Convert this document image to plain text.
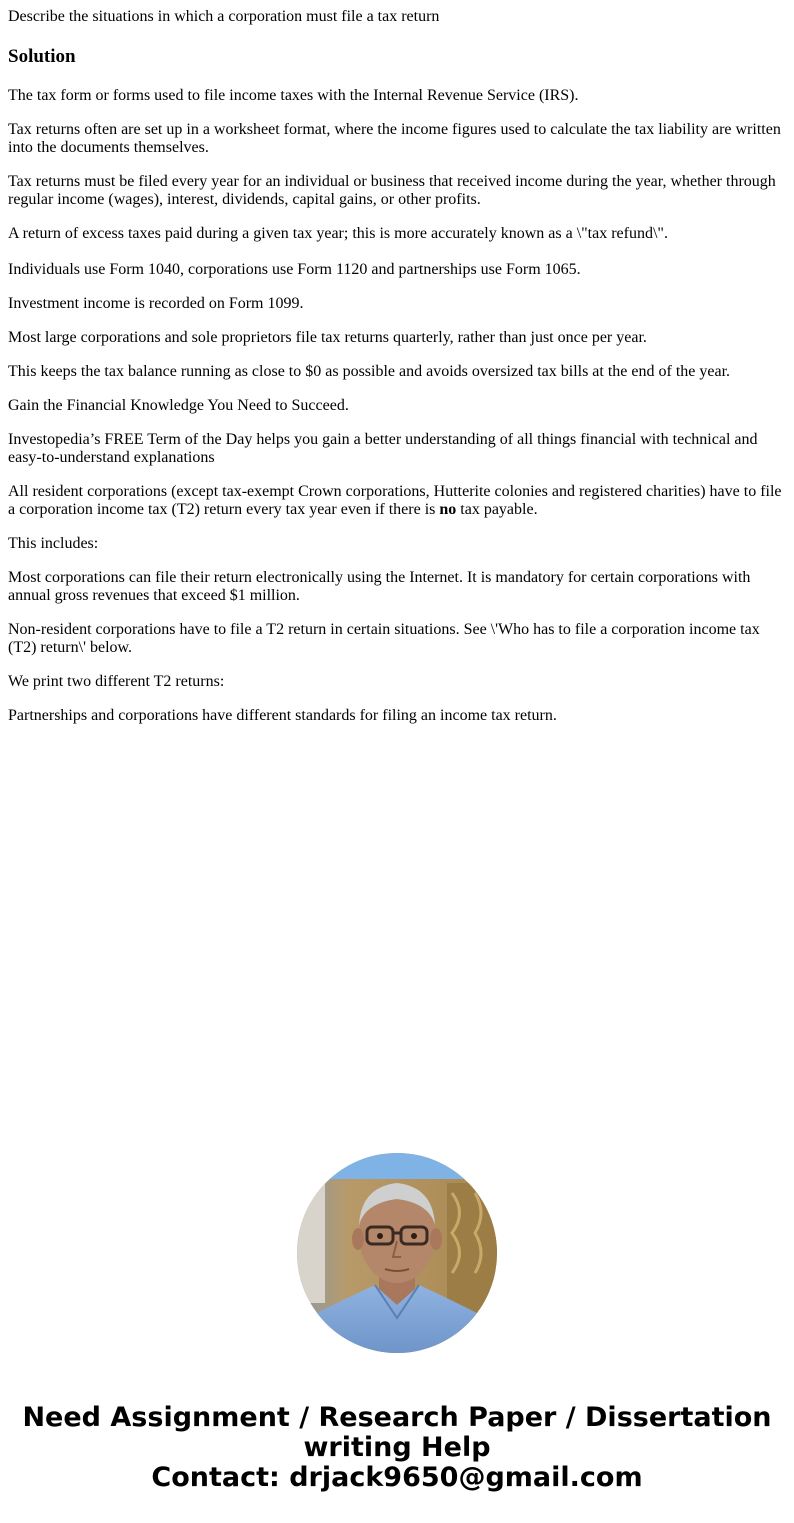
Describe the situations in which a corporation must file a tax return
Solution

The tax form or forms used to file income taxes with the Internal Revenue Service (IRS).

Tax returns often are set up in a worksheet format, where the income figures used to calculate the tax liability are written into the documents themselves.

Tax returns must be filed every year for an individual or business that received income during the year, whether through regular income (wages), interest, dividends, capital gains, or other profits.

A return of excess taxes paid during a given tax year; this is more accurately known as a \"tax refund\".

Individuals use Form 1040, corporations use Form 1120 and partnerships use Form 1065.

Investment income is recorded on Form 1099.

Most large corporations and sole proprietors file tax returns quarterly, rather than just once per year.

This keeps the tax balance running as close to $0 as possible and avoids oversized tax bills at the end of the year.

Gain the Financial Knowledge You Need to Succeed.

Investopedia’s FREE Term of the Day helps you gain a better understanding of all things financial with technical and easy-to-understand explanations

All resident corporations (except tax-exempt Crown corporations, Hutterite colonies and registered charities) have to file a corporation income tax (T2) return every tax year even if there is no tax payable.

This includes:

Most corporations can file their return electronically using the Internet. It is mandatory for certain corporations with annual gross revenues that exceed $1 million.

Non-resident corporations have to file a T2 return in certain situations. See \'Who has to file a corporation income tax (T2) return\' below.

We print two different T2 returns:

Partnerships and corporations have different standards for filing an income tax return.

Need Assignment / Research Paper / Dissertation
writing Help
Contact: drjack9650@gmail.com
